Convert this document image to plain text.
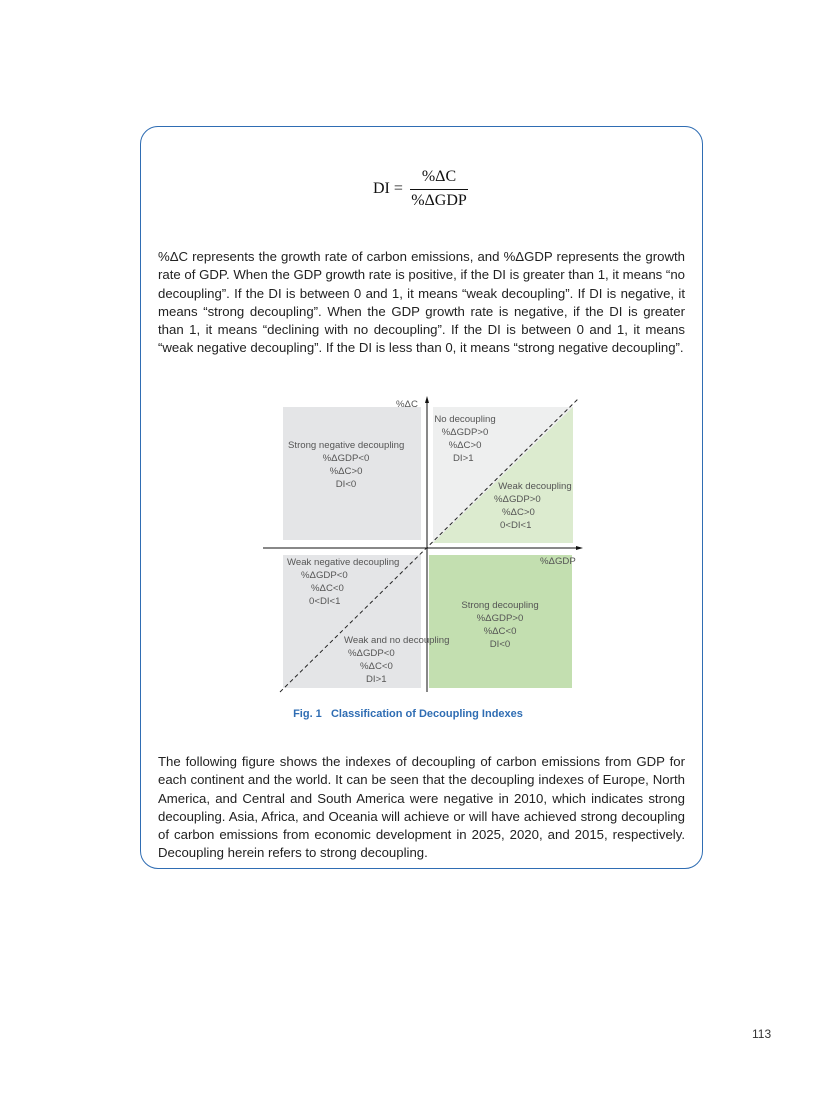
DI =
%ΔC
%ΔGDP

%ΔC represents the growth rate of carbon emissions, and %ΔGDP represents the growth rate of GDP. When the GDP growth rate is positive, if the DI is greater than 1, it means “no decoupling”. If the DI is between 0 and 1, it means “weak decoupling”. If DI is negative, it means “strong decoupling”. When the GDP growth rate is negative, if the DI is greater than 1, it means “declining with no decoupling”. If the DI is between 0 and 1, it means “weak negative decoupling”. If the DI is less than 0, it means “strong negative decoupling”.

%ΔC
%ΔGDP
Strong negative decoupling
%ΔGDP<0
%ΔC>0
DI<0
No decoupling
%ΔGDP>0
%ΔC>0
DI>1
Weak decoupling
%ΔGDP>0
%ΔC>0
0<DI<1
Weak negative decoupling
%ΔGDP<0
%ΔC<0
0<DI<1	Strong decoupling
%ΔGDP>0
%ΔC<0
DI<0
Weak and no decoupling
%ΔGDP<0
%ΔC<0
DI>1
Fig. 1   Classification of Decoupling Indexes

The following figure shows the indexes of decoupling of carbon emissions from GDP for each continent and the world. It can be seen that the decoupling indexes of Europe, North America, and Central and South America were negative in 2010, which indicates strong decoupling. Asia, Africa, and Oceania will achieve or will have achieved strong decoupling of carbon emissions from economic development in 2025, 2020, and 2015, respectively. Decoupling herein refers to strong decoupling.

113
